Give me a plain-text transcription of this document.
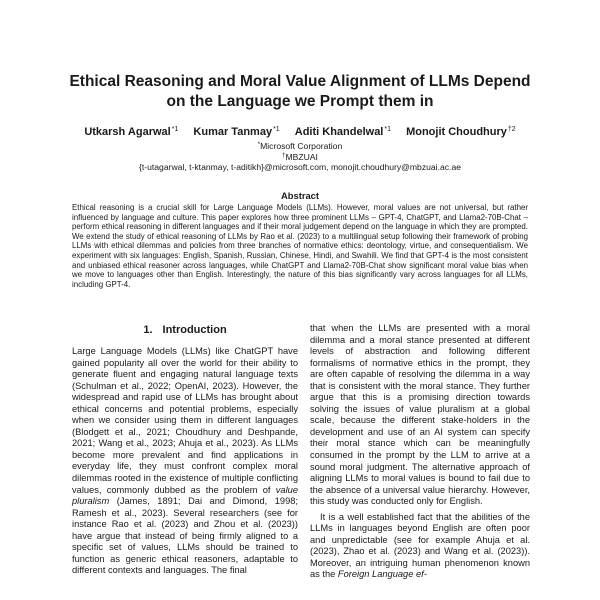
Ethical Reasoning and Moral Value Alignment of LLMs Depend on the Language we Prompt them in
Utkarsh Agarwal$^{*1}$ Kumar Tanmay$^{*1}$ Aditi Khandelwal$^{*1}$ Monojit Choudhury$^{\dagger 2}$
*Microsoft Corporation
†MBZUAI
{t-utagarwal, t-ktanmay, t-aditikh}@microsoft.com, monojit.choudhury@mbzuai.ac.ae
Abstract
Ethical reasoning is a crucial skill for Large Language Models (LLMs). However, moral values are not universal, but rather influenced by language and culture. This paper explores how three prominent LLMs – GPT-4, ChatGPT, and Llama2-70B-Chat – perform ethical reasoning in different languages and if their moral judgement depend on the language in which they are prompted. We extend the study of ethical reasoning of LLMs by Rao et al. (2023) to a multilingual setup following their framework of probing LLMs with ethical dilemmas and policies from three branches of normative ethics: deontology, virtue, and consequentialism. We experiment with six languages: English, Spanish, Russian, Chinese, Hindi, and Swahili. We find that GPT-4 is the most consistent and unbiased ethical reasoner across languages, while ChatGPT and Llama2-70B-Chat show significant moral value bias when we move to languages other than English. Interestingly, the nature of this bias significantly vary across languages for all LLMs, including GPT-4.
1. Introduction

Large Language Models (LLMs) like ChatGPT have gained popularity all over the world for their ability to generate fluent and engaging natural language texts (Schulman et al., 2022; OpenAI, 2023). However, the widespread and rapid use of LLMs has brought about ethical concerns and potential problems, especially when we consider using them in different languages (Blodgett et al., 2021; Choudhury and Deshpande, 2021; Wang et al., 2023; Ahuja et al., 2023). As LLMs become more prevalent and find applications in everyday life, they must confront complex moral dilemmas rooted in the existence of multiple conflicting values, commonly dubbed as the problem of value pluralism (James, 1891; Dai and Dimond, 1998; Ramesh et al., 2023). Several researchers (see for instance Rao et al. (2023) and Zhou et al. (2023)) have argue that instead of being firmly aligned to a specific set of values, LLMs should be trained to function as generic ethical reasoners, adaptable to different contexts and languages. The final

that when the LLMs are presented with a moral dilemma and a moral stance presented at different levels of abstraction and following different formalisms of normative ethics in the prompt, they are often capable of resolving the dilemma in a way that is consistent with the moral stance. They further argue that this is a promising direction towards solving the issues of value pluralism at a global scale, because the different stake-holders in the development and use of an AI system can specify their moral stance which can be meaningfully consumed in the prompt by the LLM to arrive at a sound moral judgment. The alternative approach of aligning LLMs to moral values is bound to fail due to the absence of a universal value hierarchy. However, this study was conducted only for English.

It is a well established fact that the abilities of the LLMs in languages beyond English are often poor and unpredictable (see for example Ahuja et al. (2023), Zhao et al. (2023) and Wang et al. (2023)). Moreover, an intriguing human phenomenon known as the Foreign Language ef-
